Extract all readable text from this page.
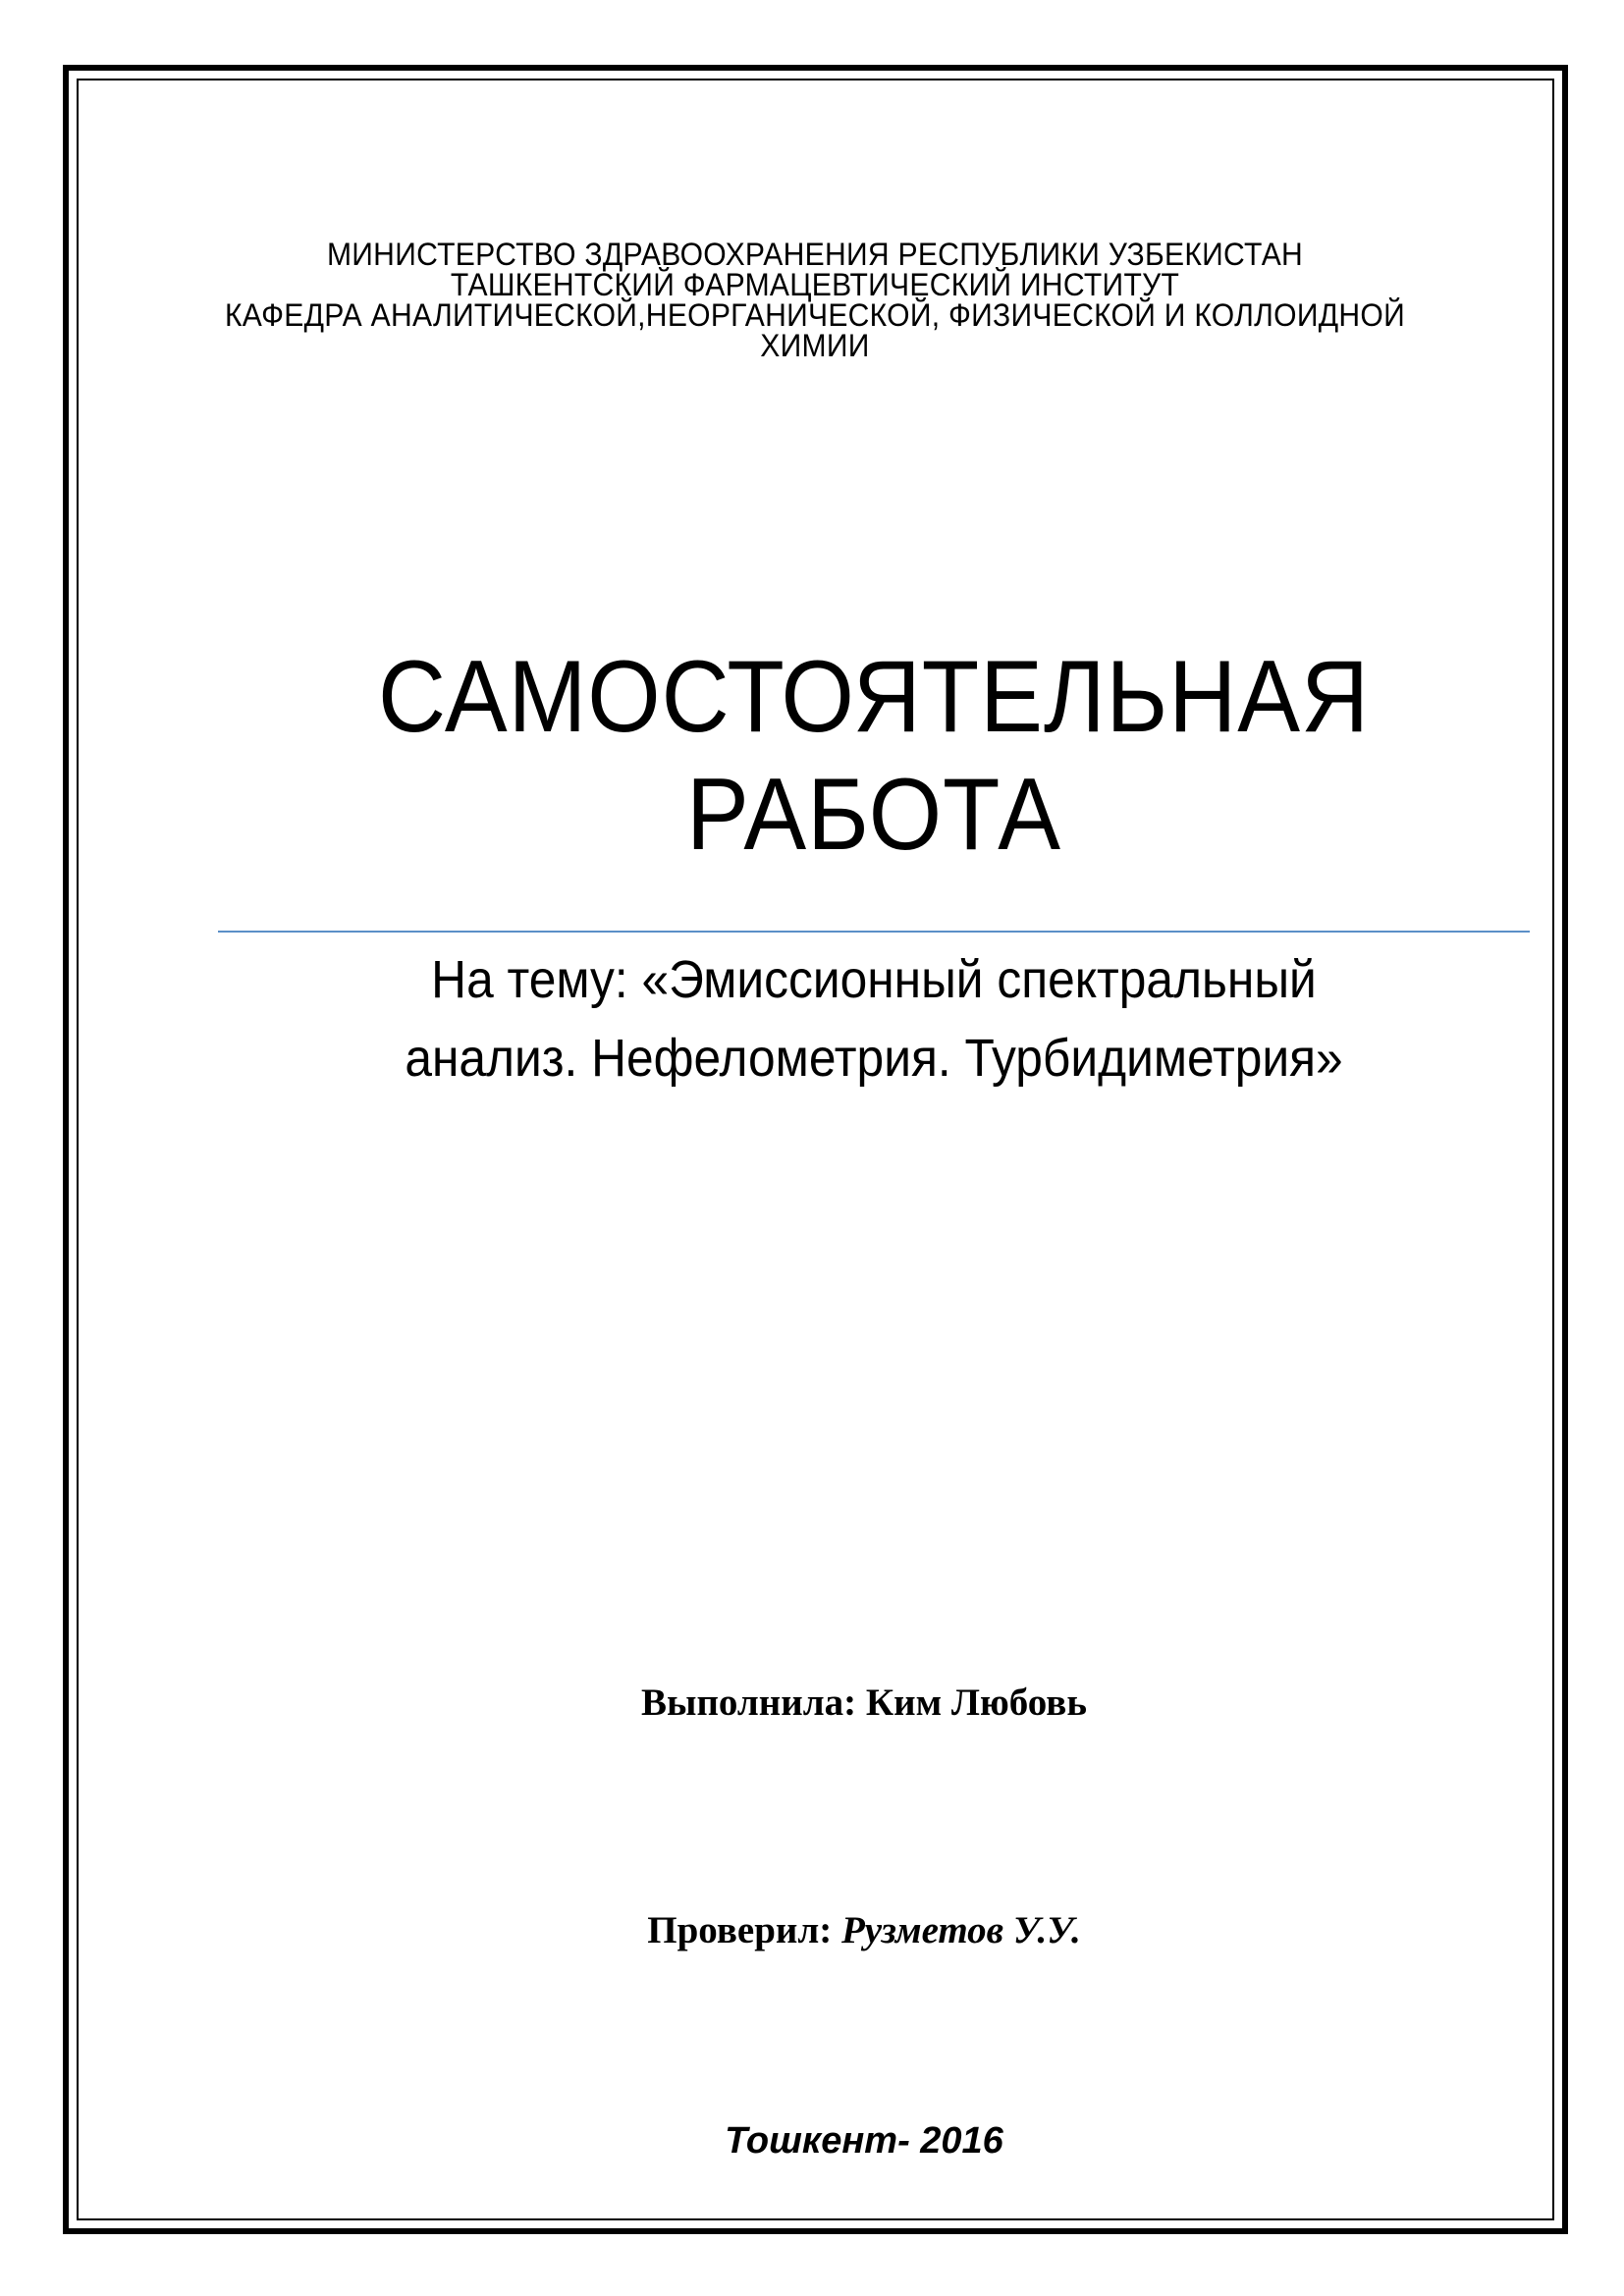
МИНИСТЕРСТВО ЗДРАВООХРАНЕНИЯ РЕСПУБЛИКИ УЗБЕКИСТАН
ТАШКЕНТСКИЙ ФАРМАЦЕВТИЧЕСКИЙ ИНСТИТУТ
КАФЕДРА АНАЛИТИЧЕСКОЙ,НЕОРГАНИЧЕСКОЙ, ФИЗИЧЕСКОЙ И КОЛЛОИДНОЙ
ХИМИИ
САМОСТОЯТЕЛЬНАЯ
РАБОТА
На тему: «Эмиссионный спектральный
анализ. Нефелометрия. Турбидиметрия»
Выполнила: Ким Любовь
Проверил: Рузметов У.У.
Тошкент- 2016
